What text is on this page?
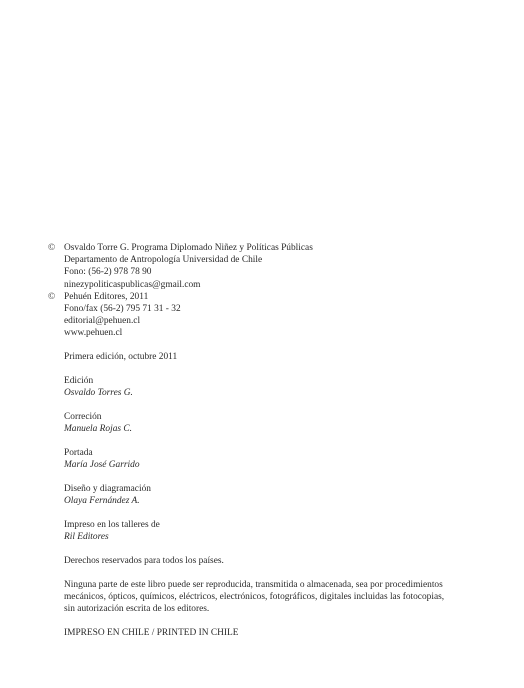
© Osvaldo Torre G. Programa Diplomado Niñez y Políticas Públicas
Departamento de Antropología Universidad de Chile
Fono: (56-2) 978 78 90
ninezypoliticaspublicas@gmail.com
© Pehuén Editores, 2011
Fono/fax (56-2) 795 71 31 - 32
editorial@pehuen.cl
www.pehuen.cl
Primera edición, octubre 2011
Edición
Osvaldo Torres G.
Correción
Manuela Rojas C.
Portada
María José Garrido
Diseño y diagramación
Olaya Fernández A.
Impreso en los talleres de
Ril Editores
Derechos reservados para todos los países.
Ninguna parte de este libro puede ser reproducida, transmitida o almacenada, sea por procedimientos
mecánicos, ópticos, químicos, eléctricos, electrónicos, fotográficos, digitales incluidas las fotocopias,
sin autorización escrita de los editores.
IMPRESO EN CHILE / PRINTED IN CHILE
